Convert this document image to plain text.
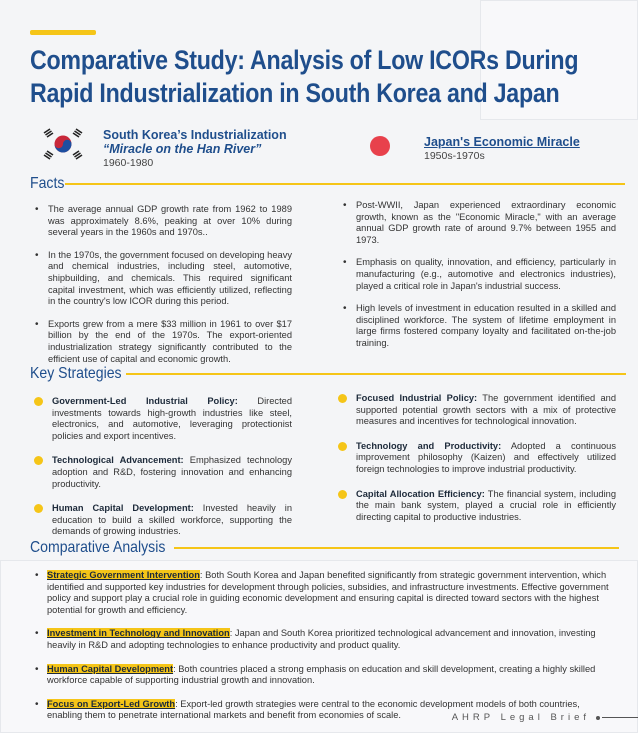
Comparative Study: Analysis of Low ICORs During
Rapid Industrialization in South Korea and Japan
South Korea’s Industrialization
“Miracle on the Han River”
1960-1980
Japan's Economic Miracle
1950s-1970s
Facts
• The average annual GDP growth rate from 1962 to 1989 was approximately 8.6%, peaking at over 10% during several years in the 1960s and 1970s..
• In the 1970s, the government focused on developing heavy and chemical industries, including steel, automotive, shipbuilding, and chemicals. This required significant capital investment, which was efficiently utilized, reflecting in the country's low ICOR during this period.
• Exports grew from a mere $33 million in 1961 to over $17 billion by the end of the 1970s. The export-oriented industrialization strategy significantly contributed to the efficient use of capital and economic growth.
• Post-WWII, Japan experienced extraordinary economic growth, known as the "Economic Miracle," with an average annual GDP growth rate of around 9.7% between 1955 and 1973.
• Emphasis on quality, innovation, and efficiency, particularly in manufacturing (e.g., automotive and electronics industries), played a critical role in Japan's industrial success.
• High levels of investment in education resulted in a skilled and disciplined workforce. The system of lifetime employment in large firms fostered company loyalty and facilitated on-the-job training.
Key Strategies
Government-Led Industrial Policy: Directed investments towards high-growth industries like steel, electronics, and automotive, leveraging protectionist policies and export incentives.
Technological Advancement: Emphasized technology adoption and R&D, fostering innovation and enhancing productivity.
Human Capital Development: Invested heavily in education to build a skilled workforce, supporting the demands of growing industries.
Focused Industrial Policy: The government identified and supported potential growth sectors with a mix of protective measures and incentives for technological innovation.
Technology and Productivity: Adopted a continuous improvement philosophy (Kaizen) and effectively utilized foreign technologies to improve industrial productivity.
Capital Allocation Efficiency: The financial system, including the main bank system, played a crucial role in efficiently directing capital to productive industries.
Comparative Analysis
• Strategic Government Intervention: Both South Korea and Japan benefited significantly from strategic government intervention, which identified and supported key industries for development through policies, subsidies, and infrastructure investments. Effective government policy and support play a crucial role in guiding economic development and ensuring capital is directed toward sectors with the highest potential for growth and efficiency.
• Investment in Technology and Innovation: Japan and South Korea prioritized technological advancement and innovation, investing heavily in R&D and adopting technologies to enhance productivity and product quality.
• Human Capital Development: Both countries placed a strong emphasis on education and skill development, creating a highly skilled workforce capable of supporting industrial growth and innovation.
• Focus on Export-Led Growth: Export-led growth strategies were central to the economic development models of both countries, enabling them to penetrate international markets and benefit from economies of scale.	AHRP Legal Brief
